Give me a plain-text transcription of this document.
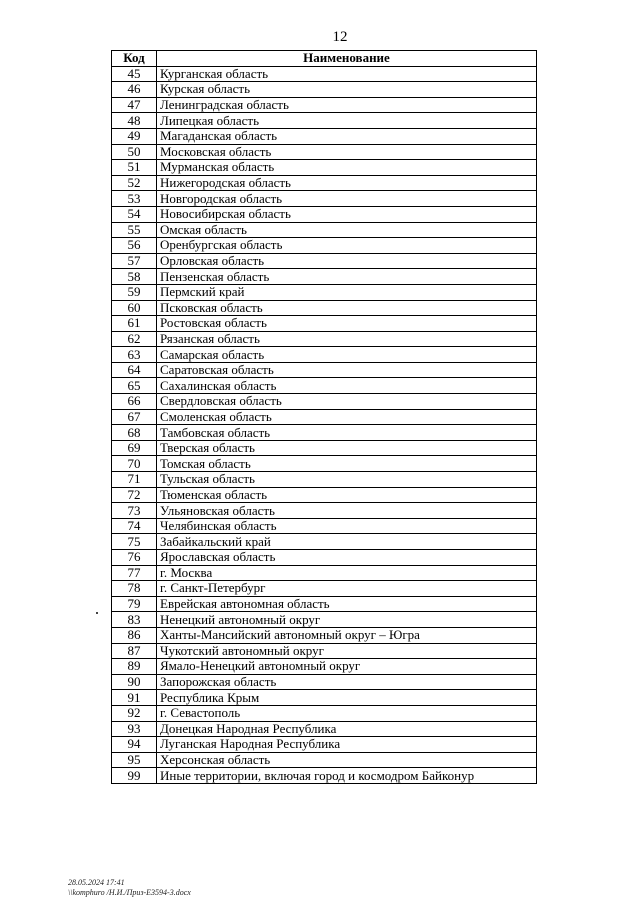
12
Код	Наименование
45	Курганская область
46	Курская область
47	Ленинградская область
48	Липецкая область
49	Магаданская область
50	Московская область
51	Мурманская область
52	Нижегородская область
53	Новгородская область
54	Новосибирская область
55	Омская область
56	Оренбургская область
57	Орловская область
58	Пензенская область
59	Пермский край
60	Псковская область
61	Ростовская область
62	Рязанская область
63	Самарская область
64	Саратовская область
65	Сахалинская область
66	Свердловская область
67	Смоленская область
68	Тамбовская область
69	Тверская область
70	Томская область
71	Тульская область
72	Тюменская область
73	Ульяновская область
74	Челябинская область
75	Забайкальский край
76	Ярославская область
77	г. Москва
78	г. Санкт-Петербург
79	Еврейская автономная область
83	Ненецкий автономный округ
86	Ханты-Мансийский автономный округ – Югра
87	Чукотский автономный округ
89	Ямало-Ненецкий автономный округ
90	Запорожская область
91	Республика Крым
92	г. Севастополь
93	Донецкая Народная Республика
94	Луганская Народная Республика
95	Херсонская область
99	Иные территории, включая город и космодром Байконур
28.05.2024 17:41
\\komphuro /Н.И./Приз-E3594-3.docx
